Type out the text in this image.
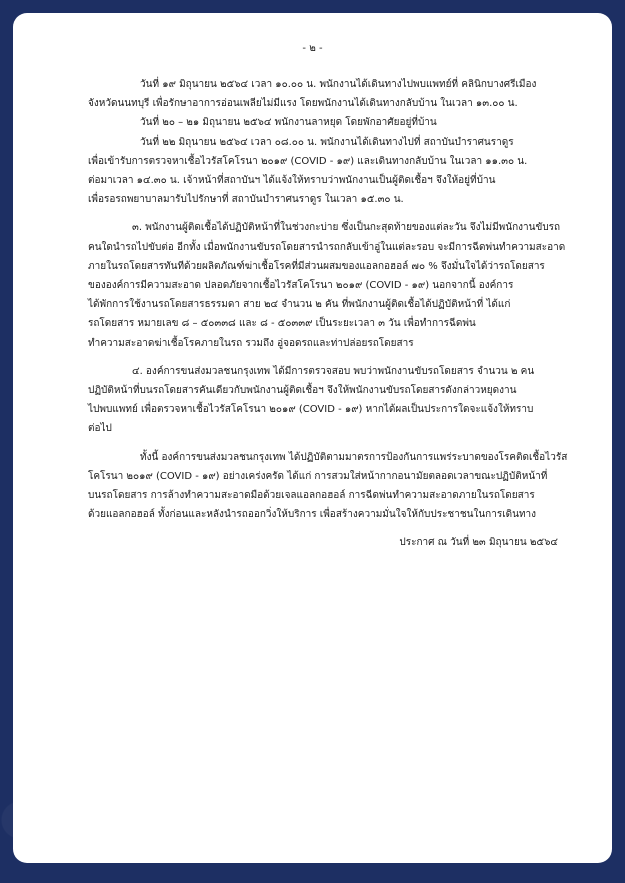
- ๒ -
วันที่ ๑๙ มิถุนายน ๒๕๖๔ เวลา ๑๐.๐๐ น. พนักงานได้เดินทางไปพบแพทย์ที่ คลินิกบางศรีเมือง
จังหวัดนนทบุรี เพื่อรักษาอาการอ่อนเพลียไม่มีแรง โดยพนักงานได้เดินทางกลับบ้าน ในเวลา ๑๓.๐๐ น.
วันที่ ๒๐ – ๒๑ มิถุนายน ๒๕๖๔ พนักงานลาหยุด โดยพักอาศัยอยู่ที่บ้าน
วันที่ ๒๒ มิถุนายน ๒๕๖๔ เวลา ๐๘.๐๐ น. พนักงานได้เดินทางไปที่ สถาบันบำราศนราดูร
เพื่อเข้ารับการตรวจหาเชื้อไวรัสโคโรนา ๒๐๑๙ (COVID - ๑๙) และเดินทางกลับบ้าน ในเวลา ๑๑.๓๐ น.
ต่อมาเวลา ๑๔.๓๐ น. เจ้าหน้าที่สถาบันฯ ได้แจ้งให้ทราบว่าพนักงานเป็นผู้ติดเชื้อฯ จึงให้อยู่ที่บ้าน
เพื่อรอรถพยาบาลมารับไปรักษาที่ สถาบันบำราศนราดูร ในเวลา ๑๕.๓๐ น.
๓. พนักงานผู้ติดเชื้อได้ปฏิบัติหน้าที่ในช่วงกะบ่าย ซึ่งเป็นกะสุดท้ายของแต่ละวัน จึงไม่มีพนักงานขับรถ
คนใดนำรถไปขับต่อ อีกทั้ง เมื่อพนักงานขับรถโดยสารนำรถกลับเข้าอู่ในแต่ละรอบ จะมีการฉีดพ่นทำความสะอาด
ภายในรถโดยสารทันทีด้วยผลิตภัณฑ์ฆ่าเชื้อโรคที่มีส่วนผสมของแอลกอฮอล์ ๗๐ % จึงมั่นใจได้ว่ารถโดยสาร
ขององค์การมีความสะอาด ปลอดภัยจากเชื้อไวรัสโคโรนา ๒๐๑๙ (COVID - ๑๙) นอกจากนี้ องค์การ
ได้พักการใช้งานรถโดยสารธรรมดา สาย ๒๔ จำนวน ๒ คัน ที่พนักงานผู้ติดเชื้อได้ปฏิบัติหน้าที่ ได้แก่
รถโดยสาร หมายเลข ๘ – ๕๐๓๓๘ และ ๘ - ๕๐๓๓๙ เป็นระยะเวลา ๓ วัน เพื่อทำการฉีดพ่น
ทำความสะอาดฆ่าเชื้อโรคภายในรถ รวมถึง อู่จอดรถและท่าปล่อยรถโดยสาร
๔. องค์การขนส่งมวลชนกรุงเทพ ได้มีการตรวจสอบ พบว่าพนักงานขับรถโดยสาร จำนวน ๒ คน
ปฏิบัติหน้าที่บนรถโดยสารคันเดียวกับพนักงานผู้ติดเชื้อฯ จึงให้พนักงานขับรถโดยสารดังกล่าวหยุดงาน
ไปพบแพทย์ เพื่อตรวจหาเชื้อไวรัสโคโรนา ๒๐๑๙ (COVID - ๑๙) หากได้ผลเป็นประการใดจะแจ้งให้ทราบ
ต่อไป
ทั้งนี้ องค์การขนส่งมวลชนกรุงเทพ ได้ปฏิบัติตามมาตรการป้องกันการแพร่ระบาดของโรคติดเชื้อไวรัส
โคโรนา ๒๐๑๙ (COVID - ๑๙) อย่างเคร่งครัด ได้แก่ การสวมใส่หน้ากากอนามัยตลอดเวลาขณะปฏิบัติหน้าที่
บนรถโดยสาร การล้างทำความสะอาดมือด้วยเจลแอลกอฮอล์ การฉีดพ่นทำความสะอาดภายในรถโดยสาร
ด้วยแอลกอฮอล์ ทั้งก่อนและหลังนำรถออกวิ่งให้บริการ เพื่อสร้างความมั่นใจให้กับประชาชนในการเดินทาง
ประกาศ ณ วันที่ ๒๓ มิถุนายน ๒๕๖๔
